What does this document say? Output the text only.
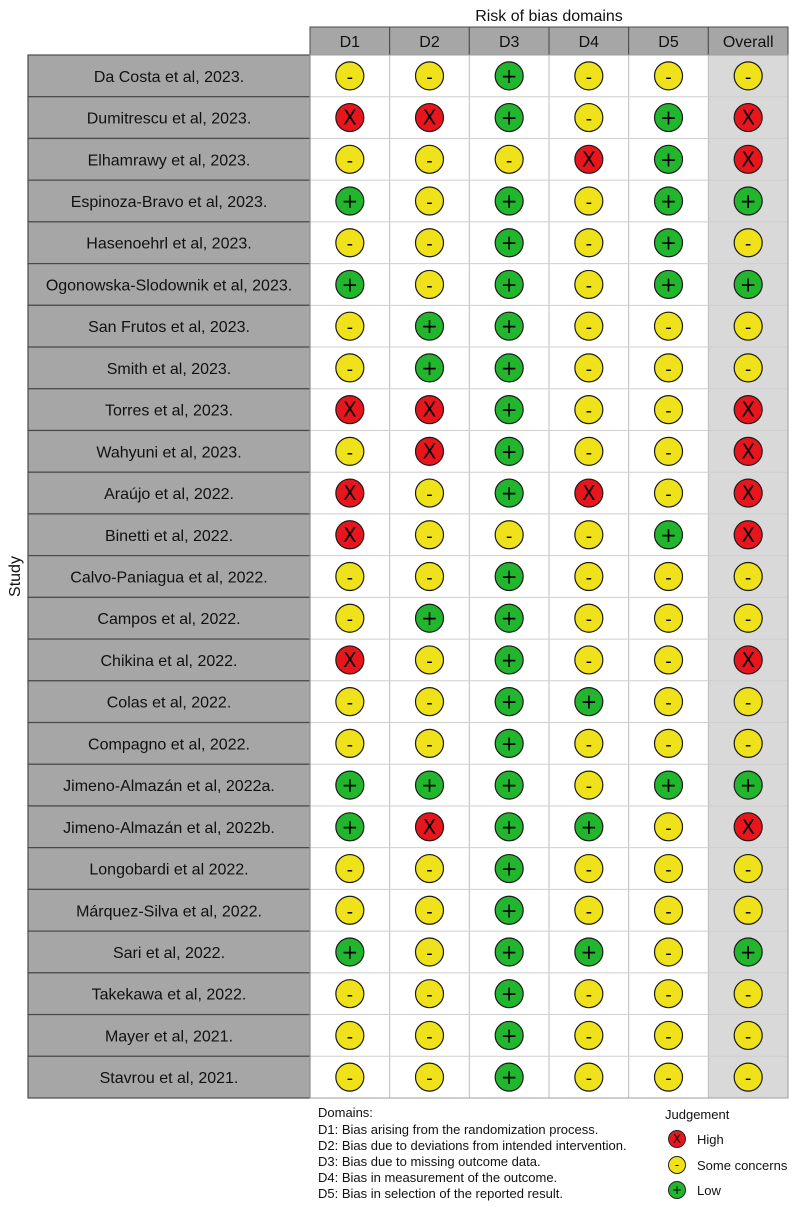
Risk of bias domains
Study
D1	D2	D3	D4	D5	Overall
Da Costa et al, 2023.	-	-	+	-	-	-
Dumitrescu et al, 2023.	X	X	+	-	+	X
Elhamrawy et al, 2023.	-	-	-	X	+	X
Espinoza-Bravo et al, 2023.	+	-	+	-	+	+
Hasenoehrl et al, 2023.	-	-	+	-	+	-
Ogonowska-Slodownik et al, 2023. +	-	+	-	+	+
San Frutos et al, 2023.	-	+	+	-	-	-
Smith et al, 2023.	-	+	+	-	-	-
Torres et al, 2023.	X	X	+	-	-	X
Wahyuni et al, 2023.	-	X	+	-	-	X
Araújo et al, 2022.	X	-	+	X	-	X
Binetti et al, 2022.	X	-	-	-	+	X
Calvo-Paniagua et al, 2022.	-	-	+	-	-	-
Campos et al, 2022.	-	+	+	-	-	-
Chikina et al, 2022.	X	-	+	-	-	X
Colas et al, 2022.	-	-	+	+	-	-
Compagno et al, 2022.	-	-	+	-	-	-
Jimeno-Almazán et al, 2022a.	+	+	+	-	+	+
Jimeno-Almazán et al, 2022b.	+	X	+	+	-	X
Longobardi et al 2022.	-	-	+	-	-	-
Márquez-Silva et al, 2022.	-	-	+	-	-	-
Sari et al, 2022.	+	-	+	+	-	+
Takekawa et al, 2022.	-	-	+	-	-	-
Mayer et al, 2021.	-	-	+	-	-	-
Stavrou et al, 2021.	-	-	+	-	-	-
Domains:
D1: Bias arising from the randomization process.
D2: Bias due to deviations from intended intervention.
D3: Bias due to missing outcome data.
D4: Bias in measurement of the outcome.
D5: Bias in selection of the reported result.
Judgement
X	High
-	Some concerns
+	Low
